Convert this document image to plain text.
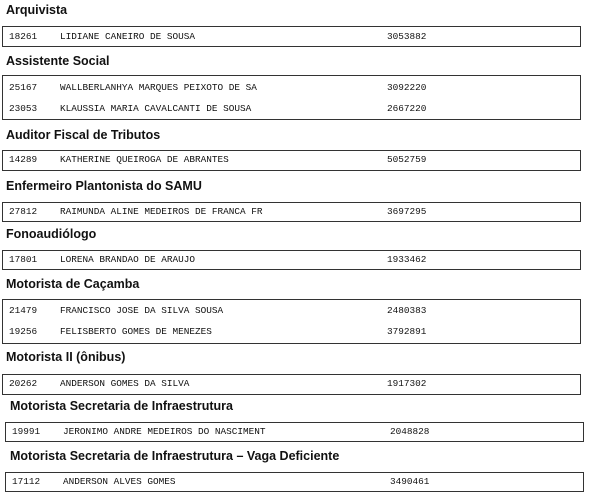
Arquivista
18261 LIDIANE CANEIRO DE SOUSA	3053882
Assistente Social
25167 WALLBERLANHYA MARQUES PEIXOTO DE SA	3092220
23053 KLAUSSIA MARIA CAVALCANTI DE SOUSA	2667220
Auditor Fiscal de Tributos
14289 KATHERINE QUEIROGA DE ABRANTES	5052759
Enfermeiro Plantonista do SAMU
27812 RAIMUNDA ALINE MEDEIROS DE FRANCA FR	3697295
Fonoaudiólogo
17801 LORENA BRANDAO DE ARAUJO	1933462
Motorista de Caçamba
21479 FRANCISCO JOSE DA SILVA SOUSA	2480383
19256 FELISBERTO GOMES DE MENEZES	3792891
Motorista II (ônibus)
20262 ANDERSON GOMES DA SILVA	1917302
Motorista Secretaria de Infraestrutura
19991 JERONIMO ANDRE MEDEIROS DO NASCIMENT	2048828
Motorista Secretaria de Infraestrutura – Vaga Deficiente
17112 ANDERSON ALVES GOMES	3490461
